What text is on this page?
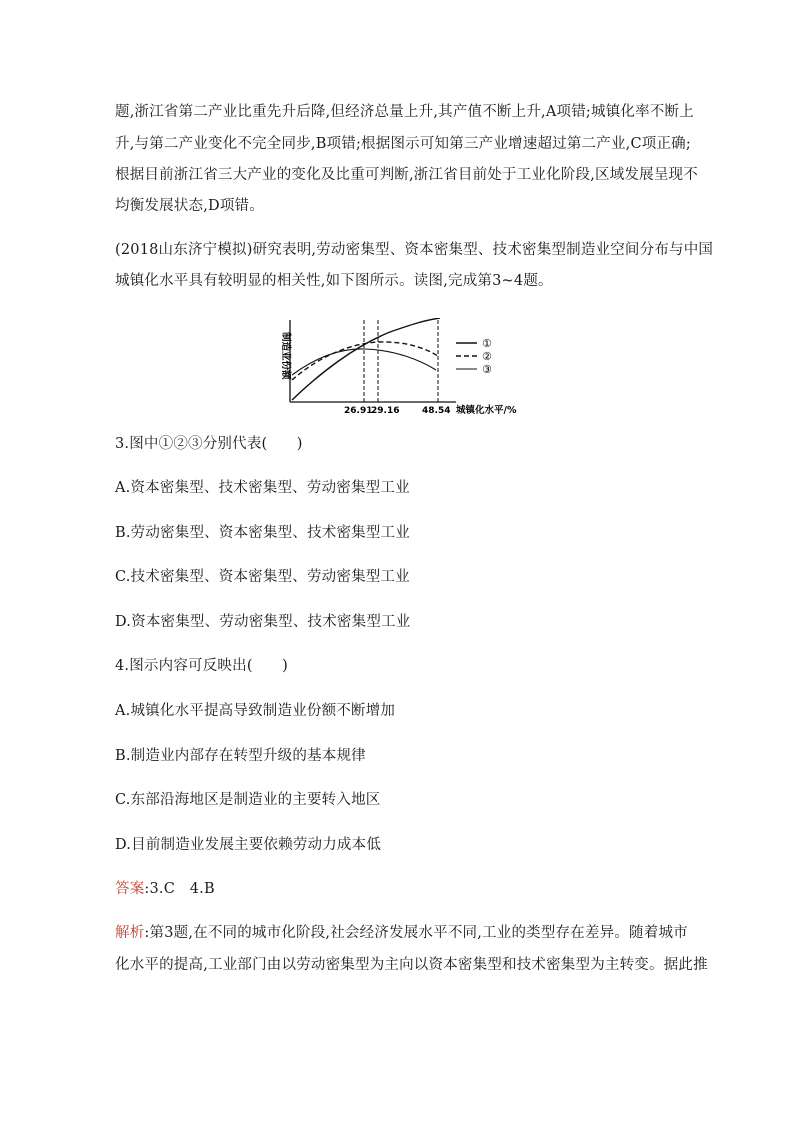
题,浙江省第二产业比重先升后降,但经济总量上升,其产值不断上升,A项错;城镇化率不断上
升,与第二产业变化不完全同步,B项错;根据图示可知第三产业增速超过第二产业,C项正确;
根据目前浙江省三大产业的变化及比重可判断,浙江省目前处于工业化阶段,区域发展呈现不
均衡发展状态,D项错。
(2018山东济宁模拟)研究表明,劳动密集型、资本密集型、技术密集型制造业空间分布与中国
城镇化水平具有较明显的相关性,如下图所示。读图,完成第3~4题。
制造业份额
26.91
29.16	48.54 城镇化水平/%
①
②
③
3.图中①②③分别代表(　　)
A.资本密集型、技术密集型、劳动密集型工业
B.劳动密集型、资本密集型、技术密集型工业
C.技术密集型、资本密集型、劳动密集型工业
D.资本密集型、劳动密集型、技术密集型工业
4.图示内容可反映出(　　)
A.城镇化水平提高导致制造业份额不断增加
B.制造业内部存在转型升级的基本规律
C.东部沿海地区是制造业的主要转入地区
D.目前制造业发展主要依赖劳动力成本低
答案:3.C　4.B
解析:第3题,在不同的城市化阶段,社会经济发展水平不同,工业的类型存在差异。随着城市
化水平的提高,工业部门由以劳动密集型为主向以资本密集型和技术密集型为主转变。据此推
